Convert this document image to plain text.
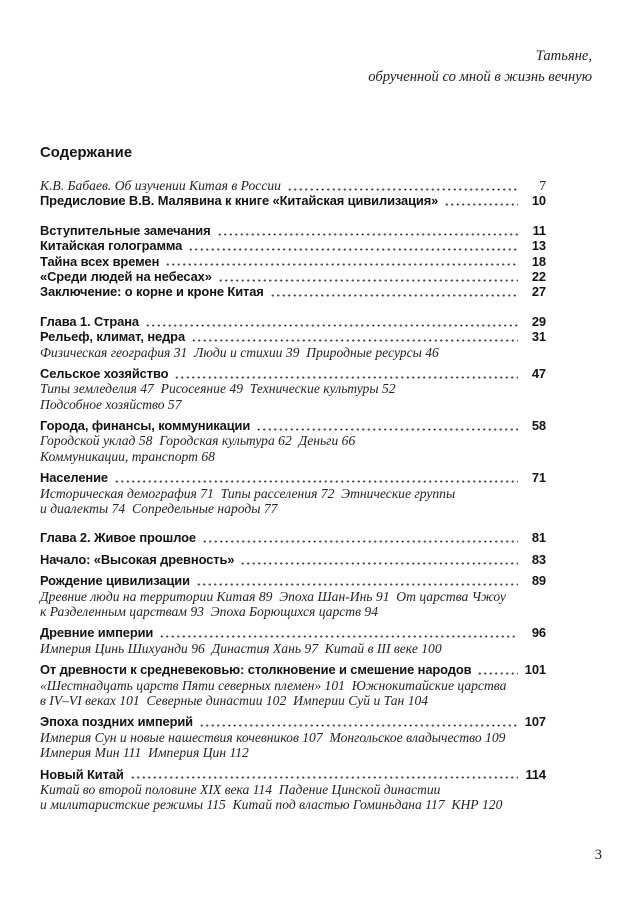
Татьяне,
обрученной со мной в жизнь вечную
Содержание
К.В. Бабаев. Об изучении Китая в России	7
Предисловие В.В. Малявина к книге «Китайская цивилизация»	10
Вступительные замечания	11
Китайская голограмма	13
Тайна всех времен	18
«Среди людей на небесах»	22
Заключение: о корне и кроне Китая	27
Глава 1. Страна	29
Рельеф, климат, недра	31
Физическая география 31  Люди и стихии 39  Природные ресурсы 46
Сельское хозяйство	47
Типы земледелия 47  Рисосеяние 49  Технические культуры 52
Подсобное хозяйство 57
Города, финансы, коммуникации	58
Городской уклад 58  Городская культура 62  Деньги 66
Коммуникации, транспорт 68
Население	71
Историческая демография 71  Типы расселения 72  Этнические группы
и диалекты 74  Сопредельные народы 77
Глава 2. Живое прошлое	81
Начало: «Высокая древность»	83
Рождение цивилизации	89
Древние люди на территории Китая 89  Эпоха Шан-Инь 91  От царства Чжоу
к Разделенным царствам 93  Эпоха Борющихся царств 94
Древние империи	96
Империя Цинь Шихуанди 96  Династия Хань 97  Китай в III веке 100
От древности к средневековью: столкновение и смешение народов	101
«Шестнадцать царств Пяти северных племен» 101  Южнокитайские царства
в IV–VI веках 101  Северные династии 102  Империи Суй и Тан 104
Эпоха поздних империй	107
Империя Сун и новые нашествия кочевников 107  Монгольское владычество 109
Империя Мин 111  Империя Цин 112
Новый Китай	114
Китай во второй половине XIX века 114  Падение Цинской династии
и милитаристские режимы 115  Китай под властью Гоминьдана 117  КНР 120
3
